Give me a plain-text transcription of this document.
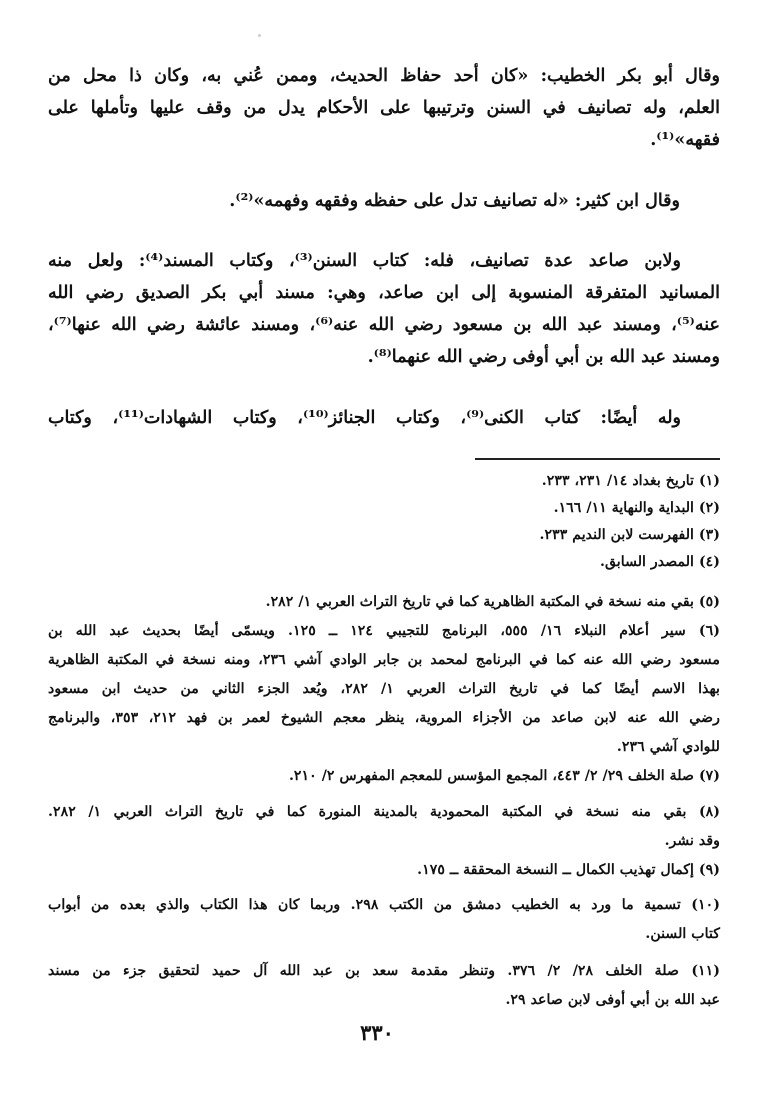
وقال أبو بكر الخطيب: «كان أحد حفاظ الحديث، وممن عُني به، وكان ذا محل من
العلم، وله تصانيف في السنن وترتيبها على الأحكام يدل من وقف عليها وتأملها على
فقهه»⁽¹⁾.
وقال ابن كثير: «له تصانيف تدل على حفظه وفقهه وفهمه»⁽²⁾.
ولابن صاعد عدة تصانيف، فله: كتاب السنن⁽³⁾، وكتاب المسند⁽⁴⁾: ولعل منه
المسانيد المتفرقة المنسوبة إلى ابن صاعد، وهي: مسند أبي بكر الصديق رضي الله
عنه⁽⁵⁾، ومسند عبد الله بن مسعود رضي الله عنه⁽⁶⁾، ومسند عائشة رضي الله عنها⁽⁷⁾،
ومسند عبد الله بن أبي أوفى رضي الله عنهما⁽⁸⁾.
وله أيضًا: كتاب الكنى⁽⁹⁾، وكتاب الجنائز⁽¹⁰⁾، وكتاب الشهادات⁽¹¹⁾، وكتاب
(١) تاريخ بغداد ١٤/ ٢٣١، ٢٣٣.
(٢) البداية والنهاية ١١/ ١٦٦.
(٣) الفهرست لابن النديم ٢٣٣.
(٤) المصدر السابق.
(٥) بقي منه نسخة في المكتبة الظاهرية كما في تاريخ التراث العربي ١/ ٢٨٢.
(٦) سير أعلام النبلاء ١٦/ ٥٥٥، البرنامج للتجيبي ١٢٤ ــ ١٢٥. ويسمّى أيضًا بحديث عبد الله بن
مسعود رضي الله عنه كما في البرنامج لمحمد بن جابر الوادي آشي ٢٣٦، ومنه نسخة في المكتبة الظاهرية
بهذا الاسم أيضًا كما في تاريخ التراث العربي ١/ ٢٨٢، ويُعد الجزء الثاني من حديث ابن مسعود
رضي الله عنه لابن صاعد من الأجزاء المروية، ينظر معجم الشيوخ لعمر بن فهد ٢١٢، ٣٥٣، والبرنامج
للوادي آشي ٢٣٦.
(٧) صلة الخلف ٢٩/ ٢/ ٤٤٣، المجمع المؤسس للمعجم المفهرس ٢/ ٢١٠.
(٨) بقي منه نسخة في المكتبة المحمودية بالمدينة المنورة كما في تاريخ التراث العربي ١/ ٢٨٢.
وقد نشر.
(٩) إكمال تهذيب الكمال ــ النسخة المحققة ــ ١٧٥.
(١٠) تسمية ما ورد به الخطيب دمشق من الكتب ٢٩٨. وربما كان هذا الكتاب والذي بعده من أبواب
كتاب السنن.
(١١) صلة الخلف ٢٨/ ٢/ ٣٧٦. وتنظر مقدمة سعد بن عبد الله آل حميد لتحقيق جزء من مسند
عبد الله بن أبي أوفى لابن صاعد ٢٩.
٣٣٠
